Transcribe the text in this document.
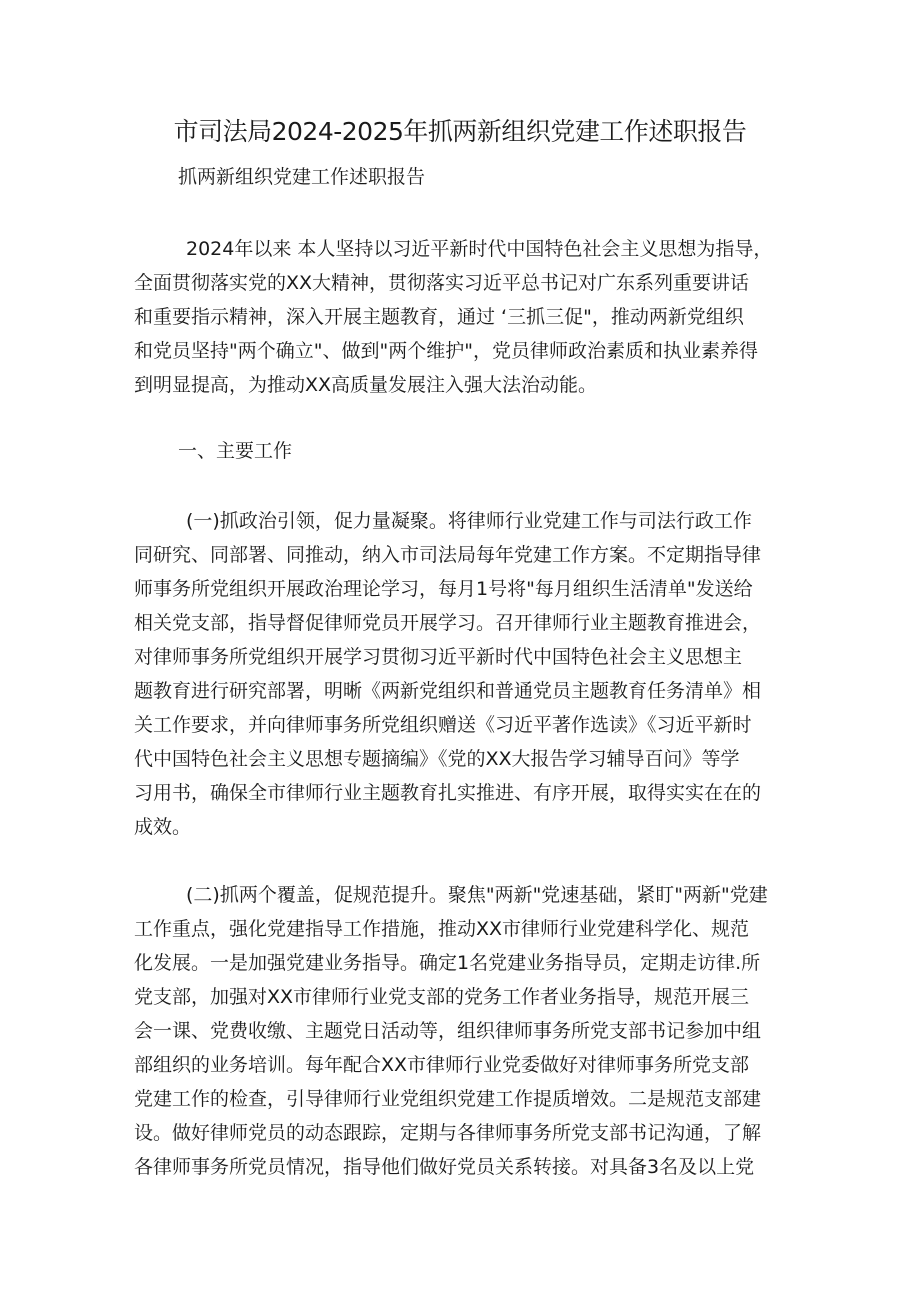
市司法局2024-2025年抓两新组织党建工作述职报告
抓两新组织党建工作述职报告
2024年以来 本人坚持以习近平新时代中国特色社会主义思想为指导，
全面贯彻落实党的XX大精神，贯彻落实习近平总书记对广东系列重要讲话
和重要指示精神，深入开展主题教育，通过 ‘三抓三促"，推动两新党组织
和党员坚持"两个确立"、做到"两个维护"，党员律师政治素质和执业素养得
到明显提高，为推动XX高质量发展注入强大法治动能。
一、主要工作
(一)抓政治引领，促力量凝聚。将律师行业党建工作与司法行政工作
同研究、同部署、同推动，纳入市司法局每年党建工作方案。不定期指导律
师事务所党组织开展政治理论学习，每月1号将"每月组织生活清单"发送给
相关党支部，指导督促律师党员开展学习。召开律师行业主题教育推进会，
对律师事务所党组织开展学习贯彻习近平新时代中国特色社会主义思想主
题教育进行研究部署，明晰《两新党组织和普通党员主题教育任务清单》相
关工作要求，并向律师事务所党组织赠送《习近平著作选读》《习近平新时
代中国特色社会主义思想专题摘编》《党的XX大报告学习辅导百问》等学
习用书，确保全市律师行业主题教育扎实推进、有序开展，取得实实在在的
成效。
(二)抓两个覆盖，促规范提升。聚焦"两新"党速基础，紧盯"两新"党建
工作重点，强化党建指导工作措施，推动XX市律师行业党建科学化、规范
化发展。一是加强党建业务指导。确定1名党建业务指导员，定期走访律.所
党支部，加强对XX市律师行业党支部的党务工作者业务指导，规范开展三
会一课、党费收缴、主题党日活动等，组织律师事务所党支部书记参加中组
部组织的业务培训。每年配合XX市律师行业党委做好对律师事务所党支部
党建工作的检查，引导律师行业党组织党建工作提质增效。二是规范支部建
设。做好律师党员的动态跟踪，定期与各律师事务所党支部书记沟通，了解
各律师事务所党员情况，指导他们做好党员关系转接。对具备3名及以上党
